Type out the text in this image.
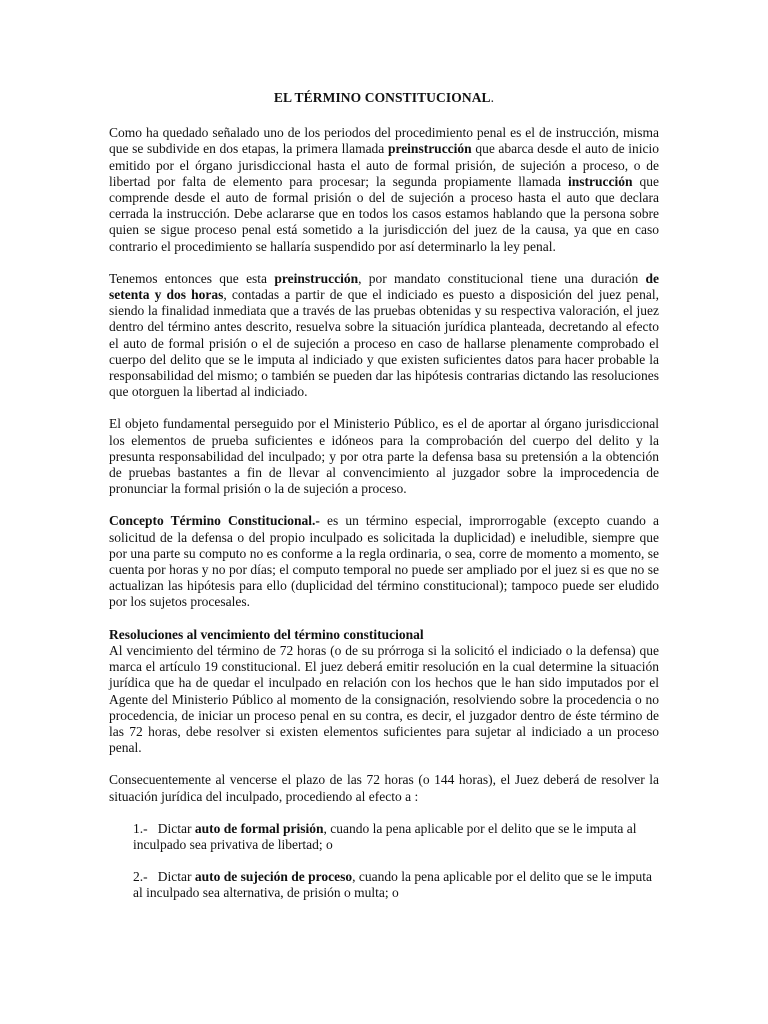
EL TÉRMINO CONSTITUCIONAL.

Como ha quedado señalado uno de los periodos del procedimiento penal es el de instrucción, misma que se subdivide en dos etapas, la primera llamada preinstrucción que abarca desde el auto de inicio emitido por el órgano jurisdiccional hasta el auto de formal prisión, de sujeción a proceso, o de libertad por falta de elemento para procesar; la segunda propiamente llamada instrucción que comprende desde el auto de formal prisión o del de sujeción a proceso hasta el auto que declara cerrada la instrucción. Debe aclararse que en todos los casos estamos hablando que la persona sobre quien se sigue proceso penal está sometido a la jurisdicción del juez de la causa, ya que en caso contrario el procedimiento se hallaría suspendido por así determinarlo la ley penal.

Tenemos entonces que esta preinstrucción, por mandato constitucional tiene una duración de setenta y dos horas, contadas a partir de que el indiciado es puesto a disposición del juez penal, siendo la finalidad inmediata que a través de las pruebas obtenidas y su respectiva valoración, el juez dentro del término antes descrito, resuelva sobre la situación jurídica planteada, decretando al efecto el auto de formal prisión o el de sujeción a proceso en caso de hallarse plenamente comprobado el cuerpo del delito que se le imputa al indiciado y que existen suficientes datos para hacer probable la responsabilidad del mismo; o también se pueden dar las hipótesis contrarias dictando las resoluciones que otorguen la libertad al indiciado.

El objeto fundamental perseguido por el Ministerio Público, es el de aportar al órgano jurisdiccional los elementos de prueba suficientes e idóneos para la comprobación del cuerpo del delito y la presunta responsabilidad del inculpado; y por otra parte la defensa basa su pretensión a la obtención de pruebas bastantes a fin de llevar al convencimiento al juzgador sobre la improcedencia de pronunciar la formal prisión o la de sujeción a proceso.

Concepto Término Constitucional.- es un término especial, improrrogable (excepto cuando a solicitud de la defensa o del propio inculpado es solicitada la duplicidad) e ineludible, siempre que por una parte su computo no es conforme a la regla ordinaria, o sea, corre de momento a momento, se cuenta por horas y no por días; el computo temporal no puede ser ampliado por el juez si es que no se actualizan las hipótesis para ello (duplicidad del término constitucional); tampoco puede ser eludido por los sujetos procesales.

Resoluciones al vencimiento del término constitucional

Al vencimiento del término de 72 horas (o de su prórroga si la solicitó el indiciado o la defensa) que marca el artículo 19 constitucional. El juez deberá emitir resolución en la cual determine la situación jurídica que ha de quedar el inculpado en relación con los hechos que le han sido imputados por el Agente del Ministerio Público al momento de la consignación, resolviendo sobre la procedencia o no procedencia, de iniciar un proceso penal en su contra, es decir, el juzgador dentro de éste término de las 72 horas, debe resolver si existen elementos suficientes para sujetar al indiciado a un proceso penal.

Consecuentemente al vencerse el plazo de las 72 horas (o 144 horas), el Juez deberá de resolver la situación jurídica del inculpado, procediendo al efecto a :

1.- Dictar auto de formal prisión, cuando la pena aplicable por el delito que se le imputa al inculpado sea privativa de libertad; o

2.- Dictar auto de sujeción de proceso, cuando la pena aplicable por el delito que se le imputa al inculpado sea alternativa, de prisión o multa; o
